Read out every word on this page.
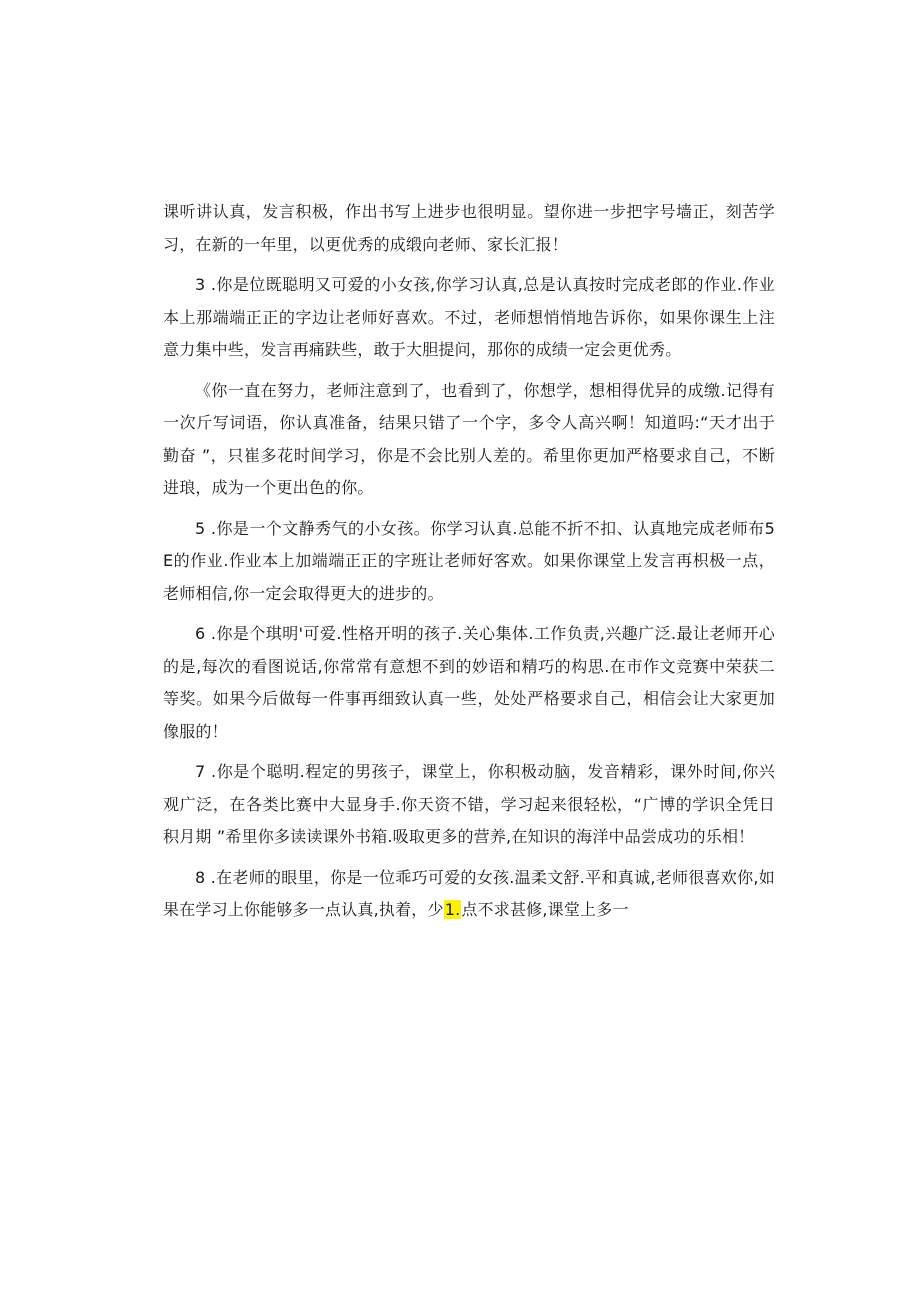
课听讲认真，发言积极，作出书写上进步也很明显。望你进一步把字号墙正，刻苦学习，在新的一年里，以更优秀的成缎向老师、家长汇报！

3 .你是位既聪明又可爱的小女孩,你学习认真,总是认真按时完成老郎的作业.作业本上那端端正正的字边让老师好喜欢。不过，老师想悄悄地告诉你，如果你课生上注意力集中些，发言再痛趺些，敢于大胆提问，那你的成绩一定会更优秀。

《你一直在努力，老师注意到了，也看到了，你想学，想相得优异的成缴.记得有一次斤写词语，你认真准备，结果只错了一个字，多令人高兴啊！知道吗:“天才出于勤奋 ”，只崔多花时间学习，你是不会比别人差的。希里你更加严格要求自己，不断进琅，成为一个更出色的你。

5 .你是一个文静秀气的小女孩。你学习认真.总能不折不扣、认真地完成老师布5E的作业.作业本上加端端正正的字班让老师好客欢。如果你课堂上发言再枳极一点，老师相信,你一定会取得更大的进步的。

6 .你是个琪明'可爱.性格开明的孩子.关心集体.工作负责,兴趣广泛.最让老师开心的是,每次的看图说话,你常常有意想不到的妙语和精巧的构思.在市作文竞赛中荣获二等奖。如果今后做每一件事再细致认真一些，处处严格要求自己，相信会让大家更加像服的！

7 .你是个聪明.程定的男孩子，课堂上，你积极动脑，发音精彩，课外时间,你兴观广泛，在各类比赛中大显身手.你天资不错，学习起来很轻松，“广博的学识全凭日积月期 ”希里你多读读课外书箱.吸取更多的营养,在知识的海洋中品尝成功的乐相！

8 .在老师的眼里，你是一位乖巧可爱的女孩.温柔文舒.平和真诚,老师很喜欢你,如果在学习上你能够多一点认真,执着，少1.点不求甚修,课堂上多一
